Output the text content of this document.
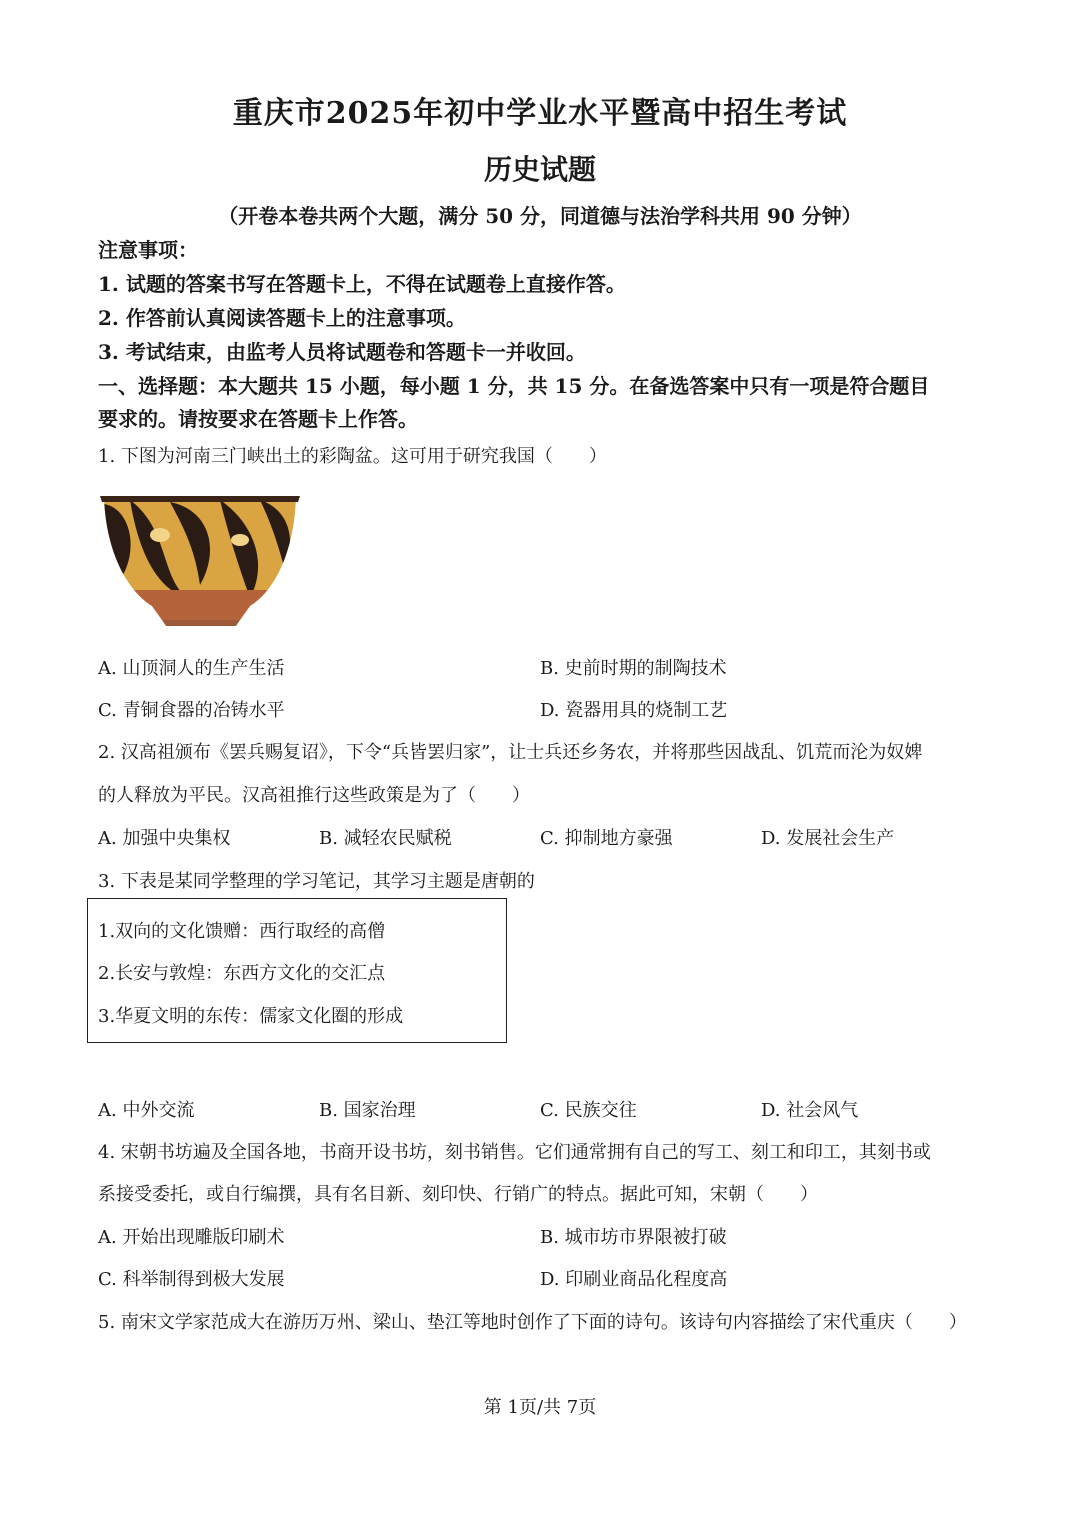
重庆市2025年初中学业水平暨高中招生考试
历史试题
（开卷本卷共两个大题，满分 50 分，同道德与法治学科共用 90 分钟）
注意事项：
1. 试题的答案书写在答题卡上，不得在试题卷上直接作答。
2. 作答前认真阅读答题卡上的注意事项。
3. 考试结束，由监考人员将试题卷和答题卡一并收回。
一、选择题：本大题共 15 小题，每小题 1 分，共 15 分。在备选答案中只有一项是符合题目
要求的。请按要求在答题卡上作答。
1. 下图为河南三门峡出土的彩陶盆。这可用于研究我国（　　）
A. 山顶洞人的生产生活	B. 史前时期的制陶技术
C. 青铜食器的冶铸水平	D. 瓷器用具的烧制工艺
2. 汉高祖颁布《罢兵赐复诏》，下令“兵皆罢归家”，让士兵还乡务农，并将那些因战乱、饥荒而沦为奴婢
的人释放为平民。汉高祖推行这些政策是为了（　　）
A. 加强中央集权	B. 减轻农民赋税	C. 抑制地方豪强	D. 发展社会生产
3. 下表是某同学整理的学习笔记，其学习主题是唐朝的
1.双向的文化馈赠：西行取经的高僧
2.长安与敦煌：东西方文化的交汇点
3.华夏文明的东传：儒家文化圈的形成
A. 中外交流	B. 国家治理	C. 民族交往	D. 社会风气
4. 宋朝书坊遍及全国各地，书商开设书坊，刻书销售。它们通常拥有自己的写工、刻工和印工，其刻书或
系接受委托，或自行编撰，具有名目新、刻印快、行销广的特点。据此可知，宋朝（　　）
A. 开始出现雕版印刷术	B. 城市坊市界限被打破
C. 科举制得到极大发展	D. 印刷业商品化程度高
5. 南宋文学家范成大在游历万州、梁山、垫江等地时创作了下面的诗句。该诗句内容描绘了宋代重庆（　　）
第 1页/共 7页
